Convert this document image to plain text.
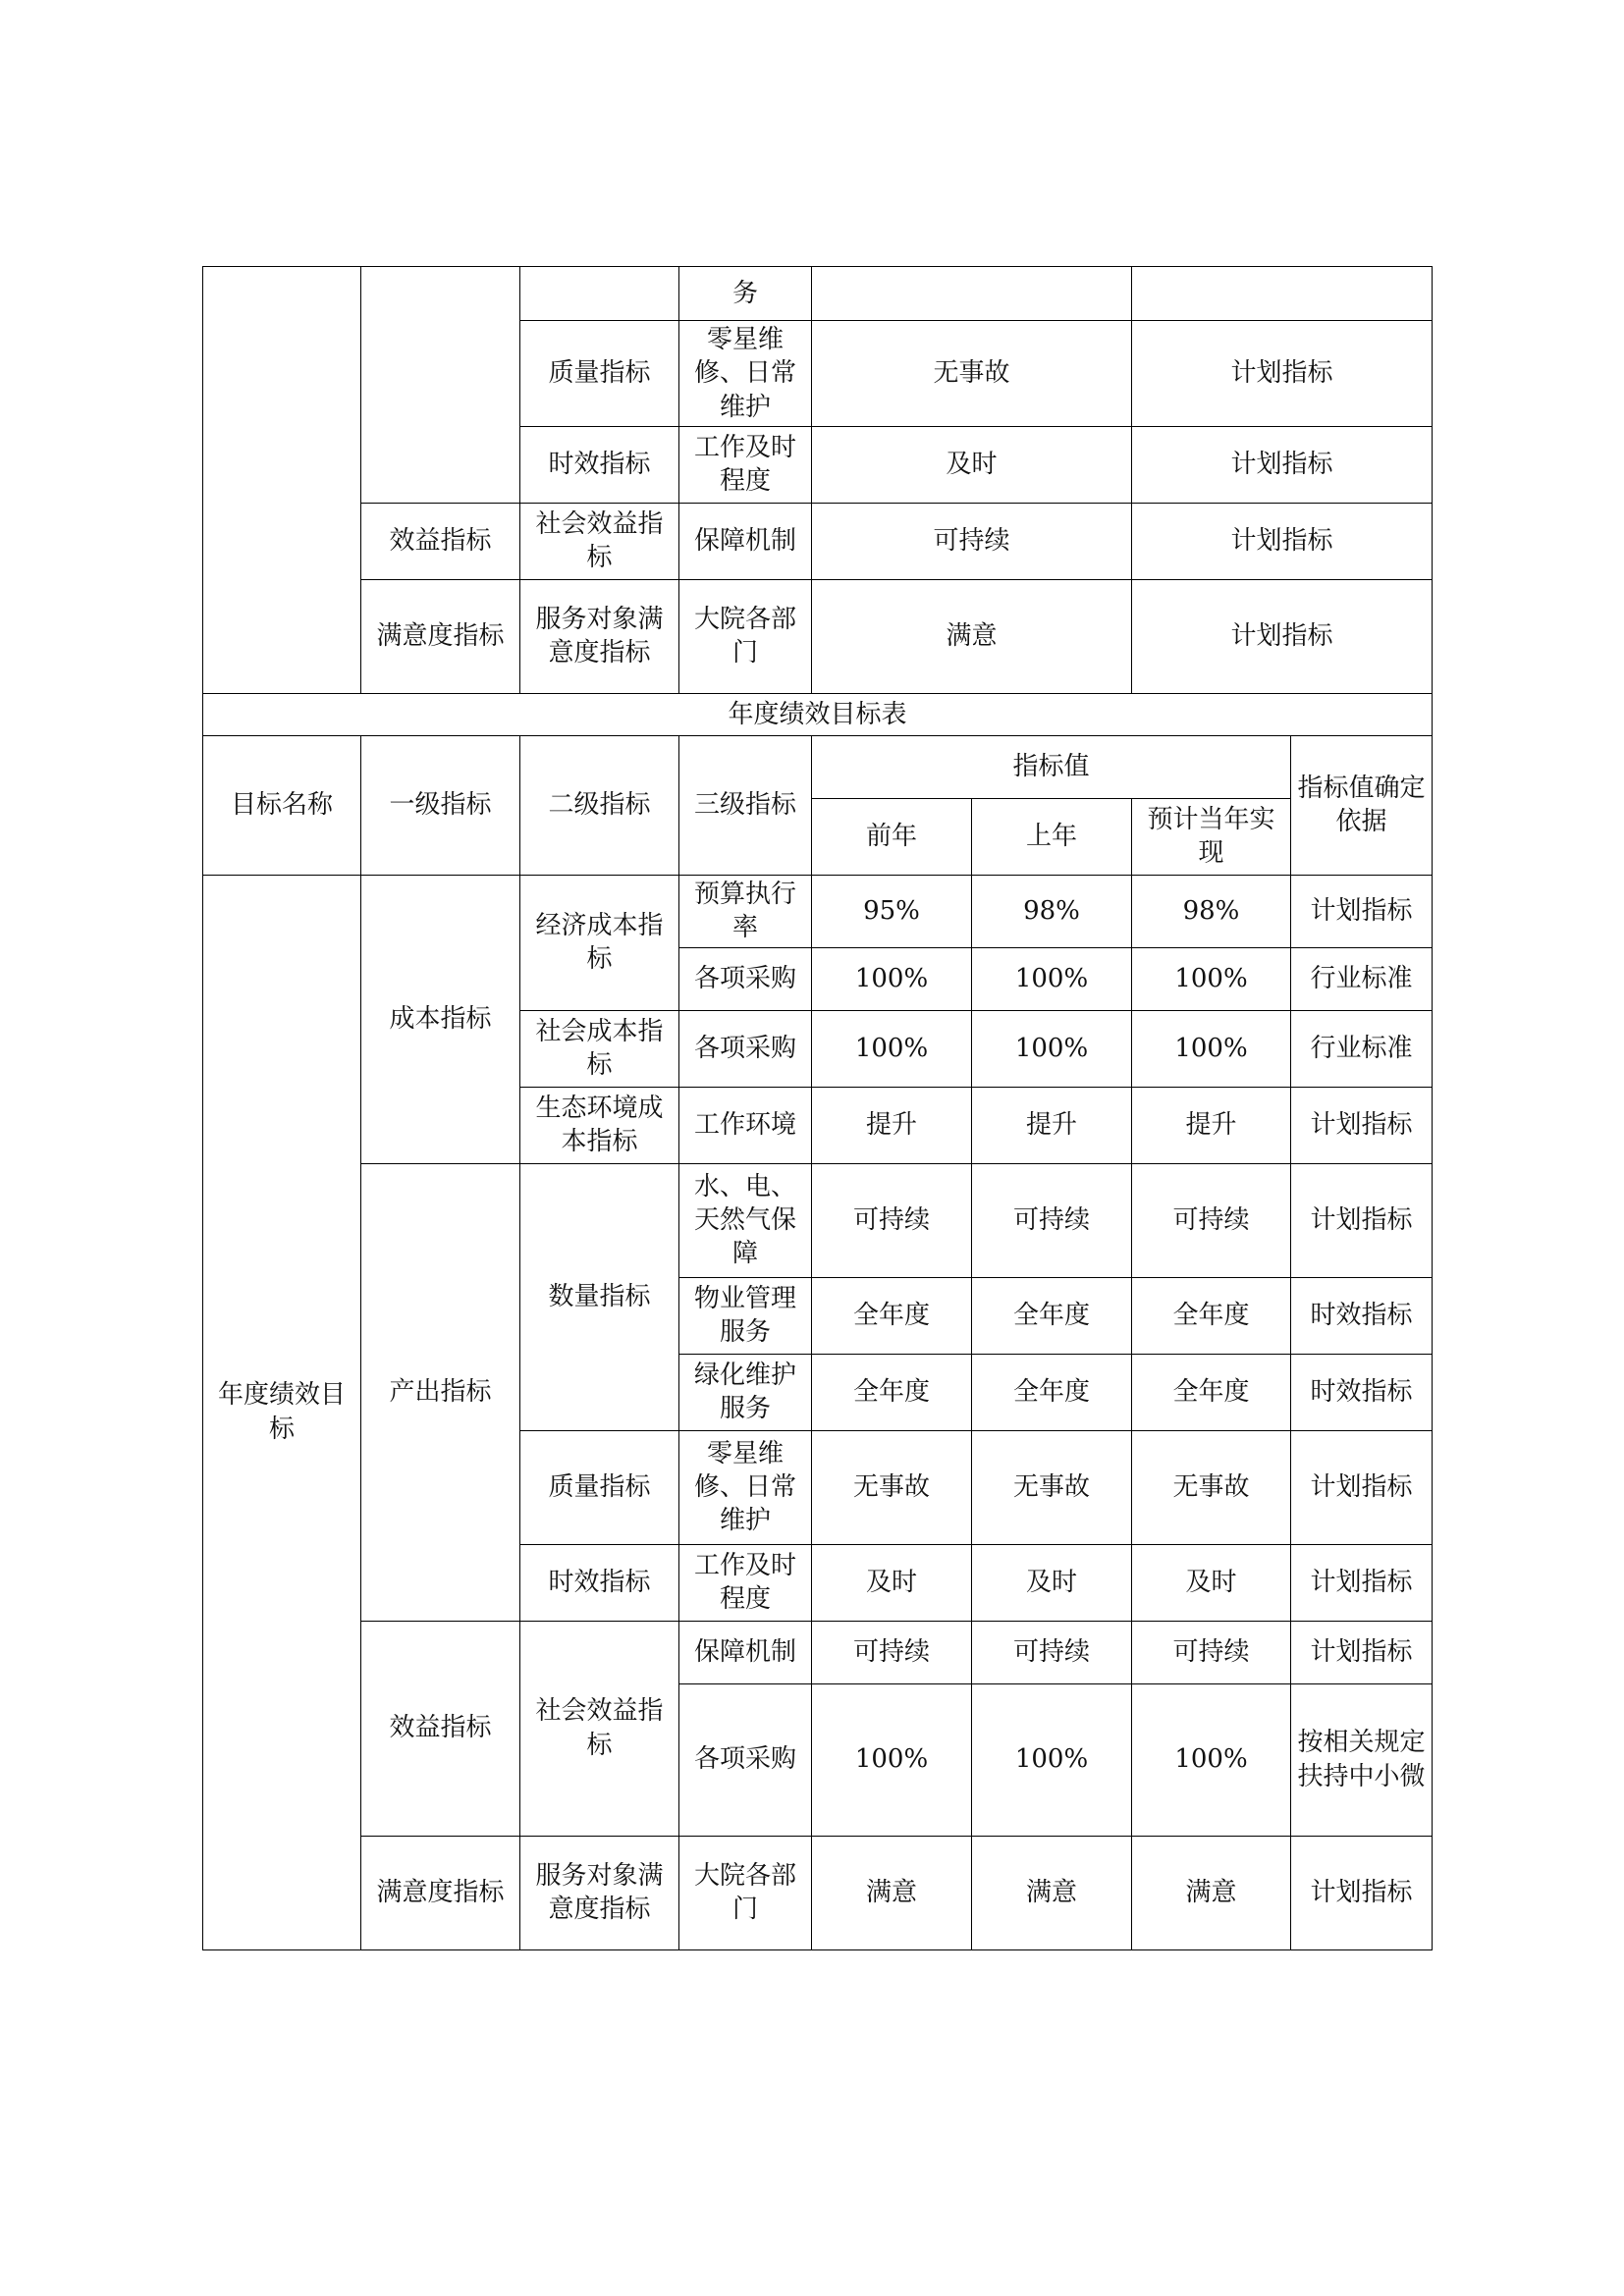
			务				
		质量指标	零星维修、日常维护	无事故		计划指标	
		时效指标	工作及时程度	及时		计划指标	
	效益指标	社会效益指标	保障机制	可持续		计划指标	
	满意度指标	服务对象满意度指标	大院各部门	满意		计划指标	
年度绩效目标表							
目标名称	一级指标	二级指标	三级指标	指标值			指标值确定依据
				前年	上年	预计当年实现	
年度绩效目标	成本指标	经济成本指标	预算执行率	95%	98%	98%	计划指标
			各项采购	100%	100%	100%	行业标准
		社会成本指标	各项采购	100%	100%	100%	行业标准
		生态环境成本指标	工作环境	提升	提升	提升	计划指标
	产出指标	数量指标	水、电、天然气保障	可持续	可持续	可持续	计划指标
			物业管理服务	全年度	全年度	全年度	时效指标
			绿化维护服务	全年度	全年度	全年度	时效指标
		质量指标	零星维修、日常维护	无事故	无事故	无事故	计划指标
		时效指标	工作及时程度	及时	及时	及时	计划指标
	效益指标	社会效益指标	保障机制	可持续	可持续	可持续	计划指标
			各项采购	100%	100%	100%	按相关规定扶持中小微
	满意度指标	服务对象满意度指标	大院各部门	满意	满意	满意	计划指标
